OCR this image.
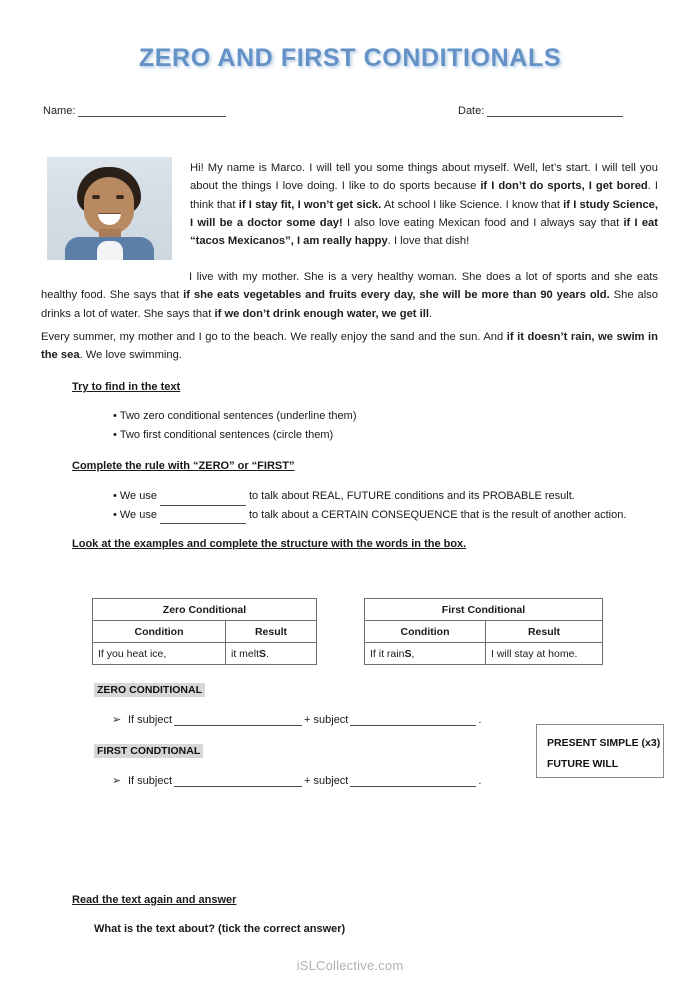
ZERO AND FIRST CONDITIONALS
Name:	Date:
Hi! My name is Marco. I will tell you some things about myself. Well, let’s start. I will tell you about the things I love doing. I like to do sports because if I don’t do sports, I get bored. I think that if I stay fit, I won’t get sick. At school I like Science. I know that if I study Science, I will be a doctor some day! I also love eating Mexican food and I always say that if I eat “tacos Mexicanos”, I am really happy. I love that dish!
I live with my mother. She is a very healthy woman. She does a lot of sports and she eats healthy food. She says that if she eats vegetables and fruits every day, she will be more than 90 years old. She also drinks a lot of water. She says that if we don’t drink enough water, we get ill.
Every summer, my mother and I go to the beach. We really enjoy the sand and the sun. And if it doesn’t rain, we swim in the sea. We love swimming.
Try to find in the text
• Two zero conditional sentences (underline them)
• Two first conditional sentences (circle them)
Complete the rule with “ZERO” or “FIRST”
• We use	to talk about REAL, FUTURE conditions and its PROBABLE result.
• We use	to talk about a CERTAIN CONSEQUENCE that is the result of another action.
Look at the examples and complete the structure with the words in the box.
Zero Conditional	
Condition	Result
If you heat ice,	it meltS.
First Conditional	
Condition	Result
If it rainS,	I will stay at home.
ZERO CONDITIONAL
➢ If subject	+ subject	.
FIRST CONDTIONAL
➢ If subject	+ subject	.
PRESENT SIMPLE (x3)
FUTURE WILL
Read the text again and answer
What is the text about? (tick the correct answer)
iSLCollective.com
